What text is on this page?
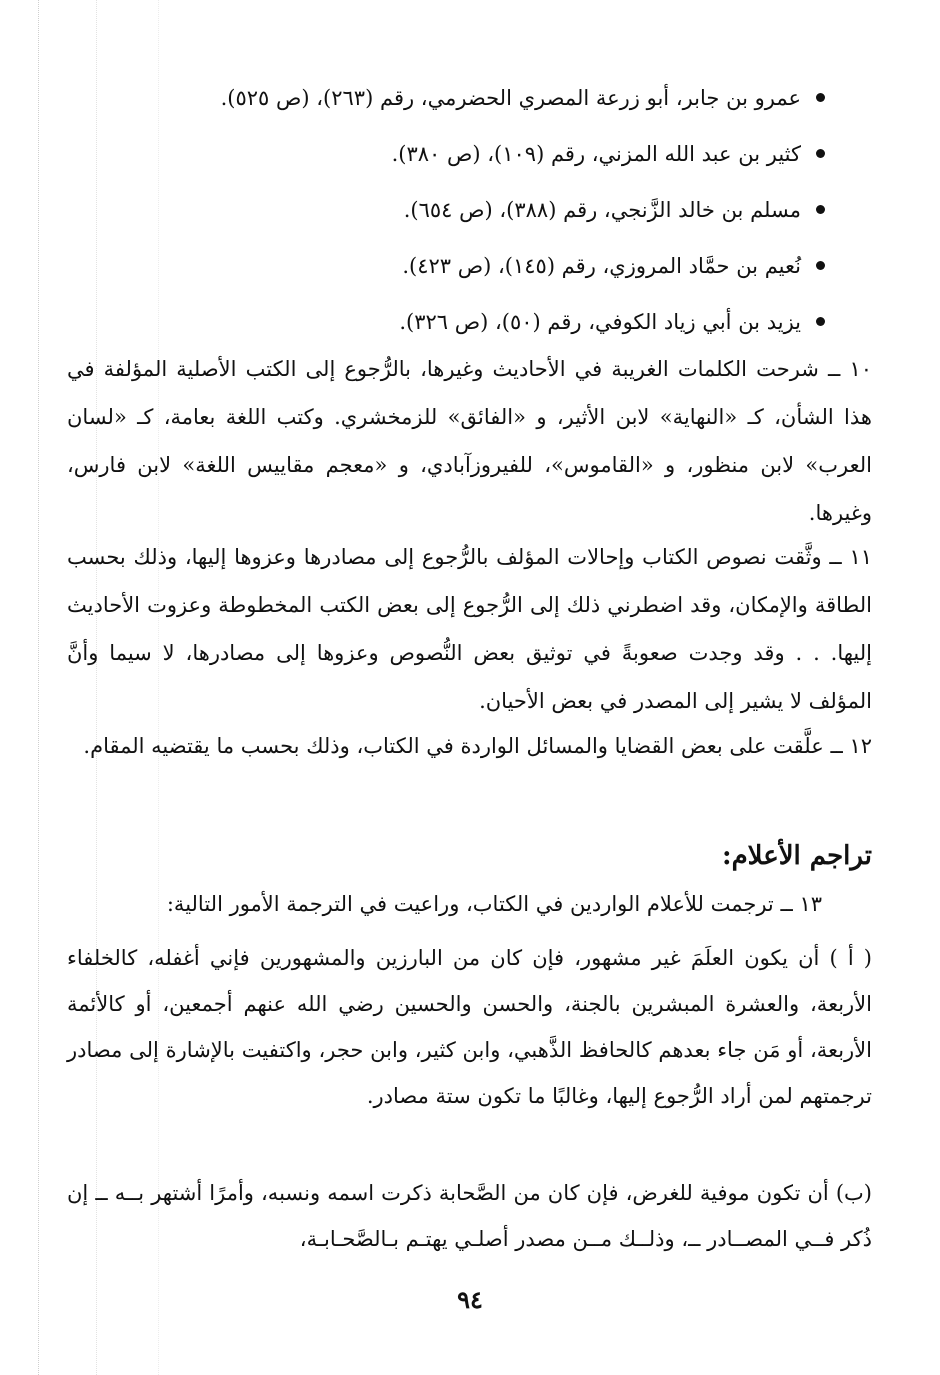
عمرو بن جابر، أبو زرعة المصري الحضرمي، رقم (٢٦٣)، (ص ٥٢٥).
كثير بن عبد الله المزني، رقم (١٠٩)، (ص ٣٨٠).
مسلم بن خالد الزَّنجي، رقم (٣٨٨)، (ص ٦٥٤).
نُعيم بن حمَّاد المروزي، رقم (١٤٥)، (ص ٤٢٣).
يزيد بن أبي زياد الكوفي، رقم (٥٠)، (ص ٣٢٦).

١٠ ــ شرحت الكلمات الغريبة في الأحاديث وغيرها، بالرُّجوع إلى الكتب الأصلية المؤلفة في هذا الشأن، كـ «النهاية» لابن الأثير، و «الفائق» للزمخشري. وكتب اللغة بعامة، كـ «لسان العرب» لابن منظور، و «القاموس»، للفيروزآبادي، و «معجم مقاييس اللغة» لابن فارس، وغيرها.

١١ ــ وثَّقت نصوص الكتاب وإحالات المؤلف بالرُّجوع إلى مصادرها وعزوها إليها، وذلك بحسب الطاقة والإمكان، وقد اضطرني ذلك إلى الرُّجوع إلى بعض الكتب المخطوطة وعزوت الأحاديث إليها. . . وقد وجدت صعوبةً في توثيق بعض النُّصوص وعزوها إلى مصادرها، لا سيما وأنَّ المؤلف لا يشير إلى المصدر في بعض الأحيان.

١٢ ــ علَّقت على بعض القضايا والمسائل الواردة في الكتاب، وذلك بحسب ما يقتضيه المقام.

تراجم الأعلام:

١٣ ــ ترجمت للأعلام الواردين في الكتاب، وراعيت في الترجمة الأمور التالية:

( أ ) أن يكون العلَمَ غير مشهور، فإن كان من البارزين والمشهورين فإني أغفله، كالخلفاء الأربعة، والعشرة المبشرين بالجنة، والحسن والحسين رضي الله عنهم أجمعين، أو كالأئمة الأربعة، أو مَن جاء بعدهم كالحافظ الذَّهبي، وابن كثير، وابن حجر، واكتفيت بالإشارة إلى مصادر ترجمتهم لمن أراد الرُّجوع إليها، وغالبًا ما تكون ستة مصادر.

(ب) أن تكون موفية للغرض، فإن كان من الصَّحابة ذكرت اسمه ونسبه، وأمرًا أشتهر بــه ــ إن ذُكر فــي المصــادر ــ، وذلــك مــن مصدر أصلـي يهتـم بـالصَّحـابـة،

٩٤
